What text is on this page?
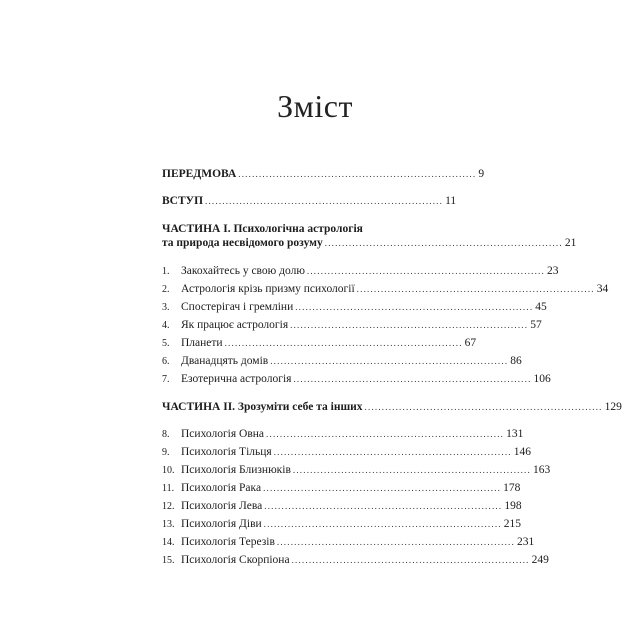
Зміст
ПЕРЕДМОВА ..................................................................... 9
ВСТУП ..................................................................... 11
ЧАСТИНА І. Психологічна астрологія
та природа несвідомого розуму ..................................................................... 21
1. Закохайтесь у свою долю ..................................................................... 23
2. Астрологія крізь призму психології ..................................................................... 34
3. Спостерігач і гремліни ..................................................................... 45
4. Як працює астрологія ..................................................................... 57
5. Планети ..................................................................... 67
6. Дванадцять домів ..................................................................... 86
7. Езотерична астрологія ..................................................................... 106
ЧАСТИНА ІІ. Зрозуміти себе та інших ..................................................................... 129
8. Психологія Овна ..................................................................... 131
9. Психологія Тільця ..................................................................... 146
10. Психологія Близнюків ..................................................................... 163
11. Психологія Рака ..................................................................... 178
12. Психологія Лева ..................................................................... 198
13. Психологія Діви ..................................................................... 215
14. Психологія Терезів ..................................................................... 231
15. Психологія Скорпіона ..................................................................... 249
